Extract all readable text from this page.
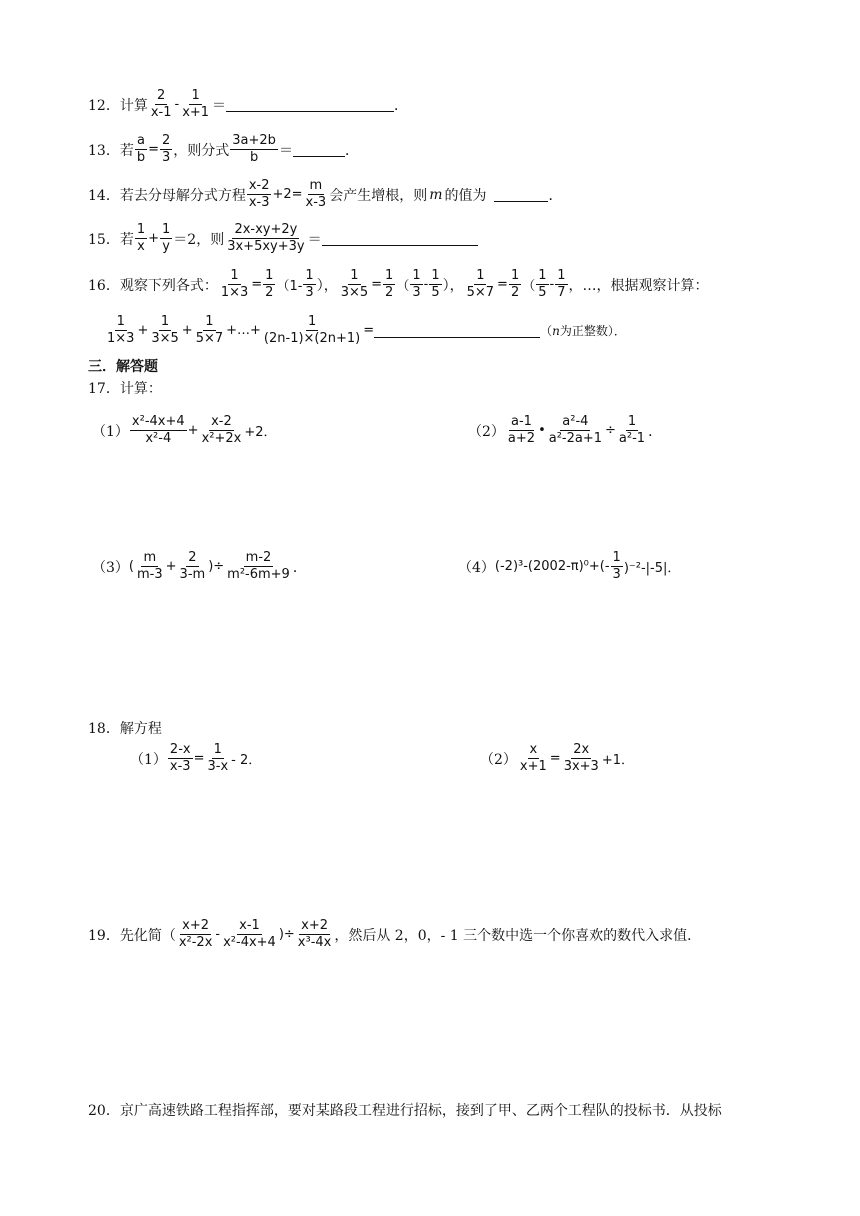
12．计算 $\frac{2}{x-1} - \frac{1}{x+1}$ ＝	．
13．若 $\frac{a}{b} = \frac{2}{3}$ ，则分式 $\frac{3a+2b}{b}$ ＝	．
14．若去分母解分式方程 $\frac{x-2}{x-3} +2= \frac{m}{x-3}$ 会产生增根，则 m 的值为	．
15．若 $\frac{1}{x} + \frac{1}{y} =2$，则 $\frac{2x-xy+2y}{3x+5xy+3y}$ ＝
16．观察下列各式： $\frac{1}{1\times 3} = \frac{1}{2} (1- \frac{1}{3}$ ）， $\frac{1}{3\times 5} = \frac{1}{2}$ （ $\frac{1}{3} - \frac{1}{5}$ ）， $\frac{1}{5\times 7} = \frac{1}{2}$ （ $\frac{1}{5} - \frac{1}{7}$ ，…，根据观察计算：
$\frac{1}{1\times 3} + \frac{1}{3\times 5} + \frac{1}{5\times 7}$ +…+ $\frac{1}{(2n-1)\times(2n+1)}$ =	（ n 为正整数）．
三．解答题
17．计算：
$(1) \frac{\text{x²-4x+4}}{\text{x²-4}} + \frac{x-2}{\text{x²+2x}} +2$．	$(2) \frac{a-1}{a+2}$ • $\frac{\text{a²-4}}{\text{a²-2a+1}} \div \frac{1}{\text{a²-1}}$ ．
（3） ( $\frac{m}{m-3} + \frac{2}{3-m}$ )÷ $\frac{m-2}{\text{m²-6m+9}}$ ．	（4） $(-2)^3-(2002-\pi)^0+(- \frac{1}{3} )^{-2}-|-5|$．
18．解方程
$(1) \frac{2-x}{x-3} = \frac{1}{3-x} - 2$．	$(2) \frac{x}{x+1} = \frac{2x}{3x+3} +1$．
19．先化简（ $\frac{x+2}{\text{x²-2x}} - \frac{x-1}{\text{x²-4x+4}}$ )÷ $\frac{x+2}{\text{x³-4x}}$ ，然后从 2，0，- 1 三个数中选一个你喜欢的数代入求值．
20．京广高速铁路工程指挥部，要对某路段工程进行招标，接到了甲、乙两个工程队的投标书．从投标
